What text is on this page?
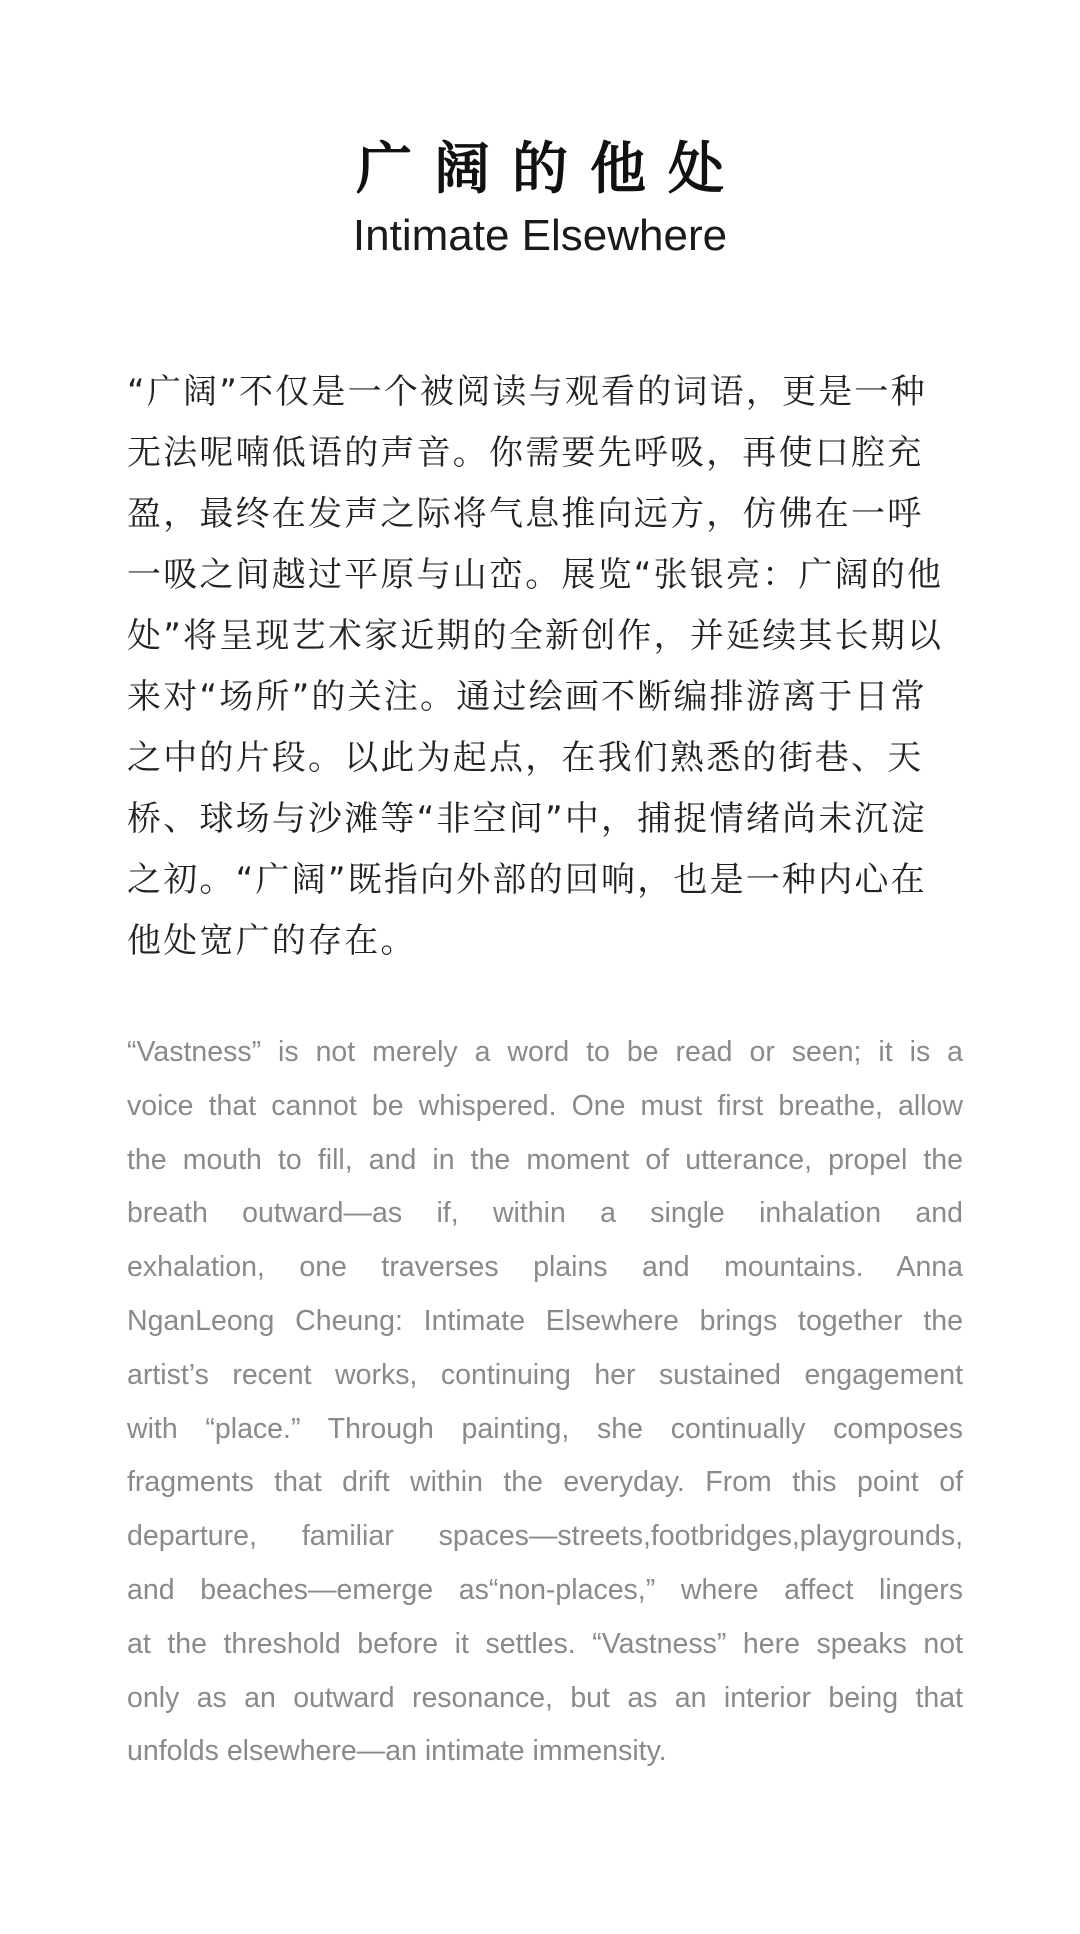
广阔的他处
Intimate Elsewhere

“广阔”不仅是一个被阅读与观看的词语，更是一种
无法呢喃低语的声音。你需要先呼吸，再使口腔充
盈，最终在发声之际将气息推向远方，仿佛在一呼
一吸之间越过平原与山峦。展览“张银亮：广阔的他
处”将呈现艺术家近期的全新创作，并延续其长期以
来对“场所”的关注。通过绘画不断编排游离于日常
之中的片段。以此为起点，在我们熟悉的街巷、天
桥、球场与沙滩等“非空间”中，捕捉情绪尚未沉淀
之初。“广阔”既指向外部的回响，也是一种内心在
他处宽广的存在。

“Vastness” is not merely a word to be read or seen; it is a
voice that cannot be whispered. One must first breathe, allow
the mouth to fill, and in the moment of utterance, propel the
breath outward—as if, within a single inhalation and
exhalation, one traverses plains and mountains. Anna
NganLeong Cheung: Intimate Elsewhere brings together the
artist’s recent works, continuing her sustained engagement
with “place.” Through painting, she continually composes
fragments that drift within the everyday. From this point of
departure, familiar spaces—streets,footbridges,playgrounds,
and beaches—emerge as“non-places,” where affect lingers
at the threshold before it settles. “Vastness” here speaks not
only as an outward resonance, but as an interior being that
unfolds elsewhere—an intimate immensity.
